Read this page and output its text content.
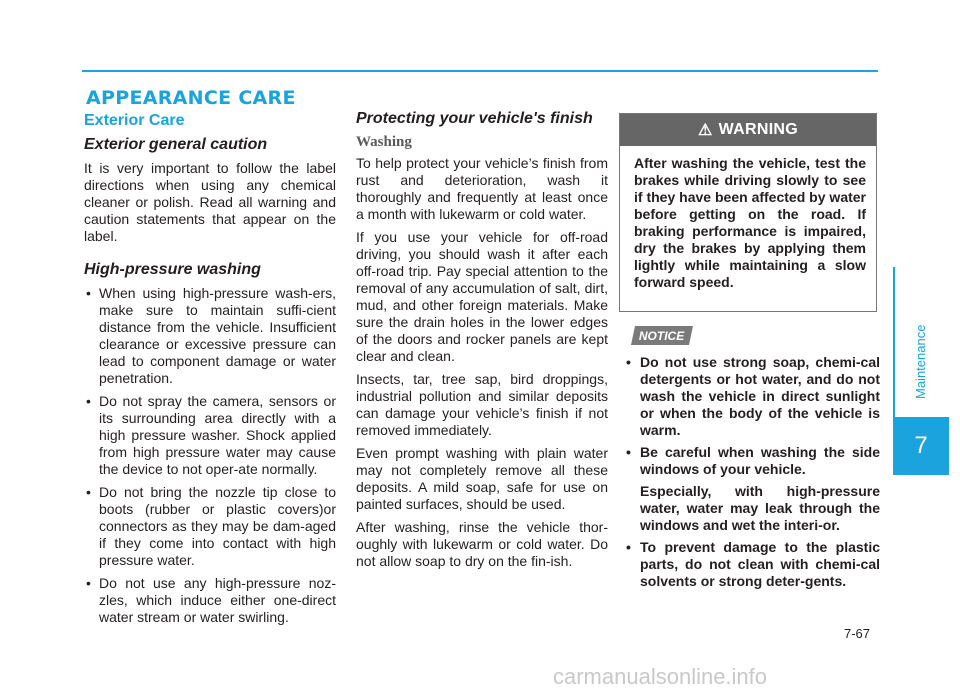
APPEARANCE CARE
Exterior Care
Exterior general caution

It is very important to follow the label directions when using any chemical cleaner or polish. Read all warning and caution statements that appear on the label.

High-pressure washing
• When using high-pressure wash-ers, make sure to maintain suffi-cient distance from the vehicle. Insufficient clearance or excessive pressure can lead to component damage or water penetration.
• Do not spray the camera, sensors or its surrounding area directly with a high pressure washer. Shock applied from high pressure water may cause the device to not oper-ate normally.
• Do not bring the nozzle tip close to boots (rubber or plastic covers)or connectors as they may be dam-aged if they come into contact with high pressure water.
• Do not use any high-pressure noz-zles, which induce either one-direct water stream or water swirling.
Protecting your vehicle's finish
Washing

To help protect your vehicle’s finish from rust and deterioration, wash it thoroughly and frequently at least once a month with lukewarm or cold water.

If you use your vehicle for off-road driving, you should wash it after each off-road trip. Pay special attention to the removal of any accumulation of salt, dirt, mud, and other foreign materials. Make sure the drain holes in the lower edges of the doors and rocker panels are kept clear and clean.

Insects, tar, tree sap, bird droppings, industrial pollution and similar deposits can damage your vehicle’s finish if not removed immediately.

Even prompt washing with plain water may not completely remove all these deposits. A mild soap, safe for use on painted surfaces, should be used.

After washing, rinse the vehicle thor-oughly with lukewarm or cold water. Do not allow soap to dry on the fin-ish.

⚠ WARNING
After washing the vehicle, test the brakes while driving slowly to see if they have been affected by water before getting on the road. If braking performance is impaired, dry the brakes by applying them lightly while maintaining a slow forward speed.
NOTICE
• Do not use strong soap, chemi-cal detergents or hot water, and do not wash the vehicle in direct sunlight or when the body of the vehicle is warm.
• Be careful when washing the side windows of your vehicle.
Especially, with high-pressure water, water may leak through the windows and wet the interi-or.
• To prevent damage to the plastic parts, do not clean with chemi-cal solvents or strong deter-gents.
7-67
Maintenance
7
carmanualsonline.info
